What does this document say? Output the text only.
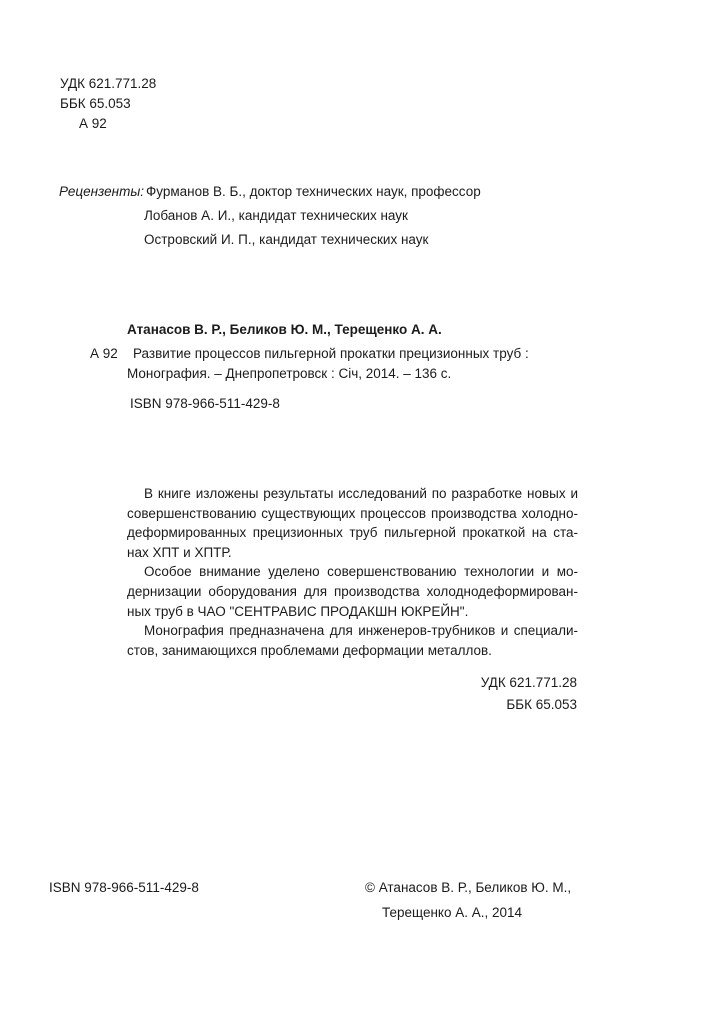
УДК 621.771.28
ББК 65.053
А 92
Рецензенты: Фурманов В. Б., доктор технических наук, профессор
Лобанов А. И., кандидат технических наук
Островский И. П., кандидат технических наук
Атанасов В. Р., Беликов Ю. М., Терещенко А. А.
А 92 Развитие процессов пильгерной прокатки прецизионных труб :
Монография. – Днепропетровск : Січ, 2014. – 136 с.
ISBN 978-966-511-429-8

В книге изложены результаты исследований по разработке новых и совершенствованию существующих процессов производства холоднодеформированных прецизионных труб пильгерной прокаткой на станах ХПТ и ХПТР.

Особое внимание уделено совершенствованию технологии и модернизации оборудования для производства холоднодеформированных труб в ЧАО "СЕНТРАВИС ПРОДАКШН ЮКРЕЙН".

Монография предназначена для инженеров-трубников и специалистов, занимающихся проблемами деформации металлов.

УДК 621.771.28
ББК 65.053
ISBN 978-966-511-429-8	© Атанасов В. Р., Беликов Ю. М.,
Терещенко А. А., 2014
